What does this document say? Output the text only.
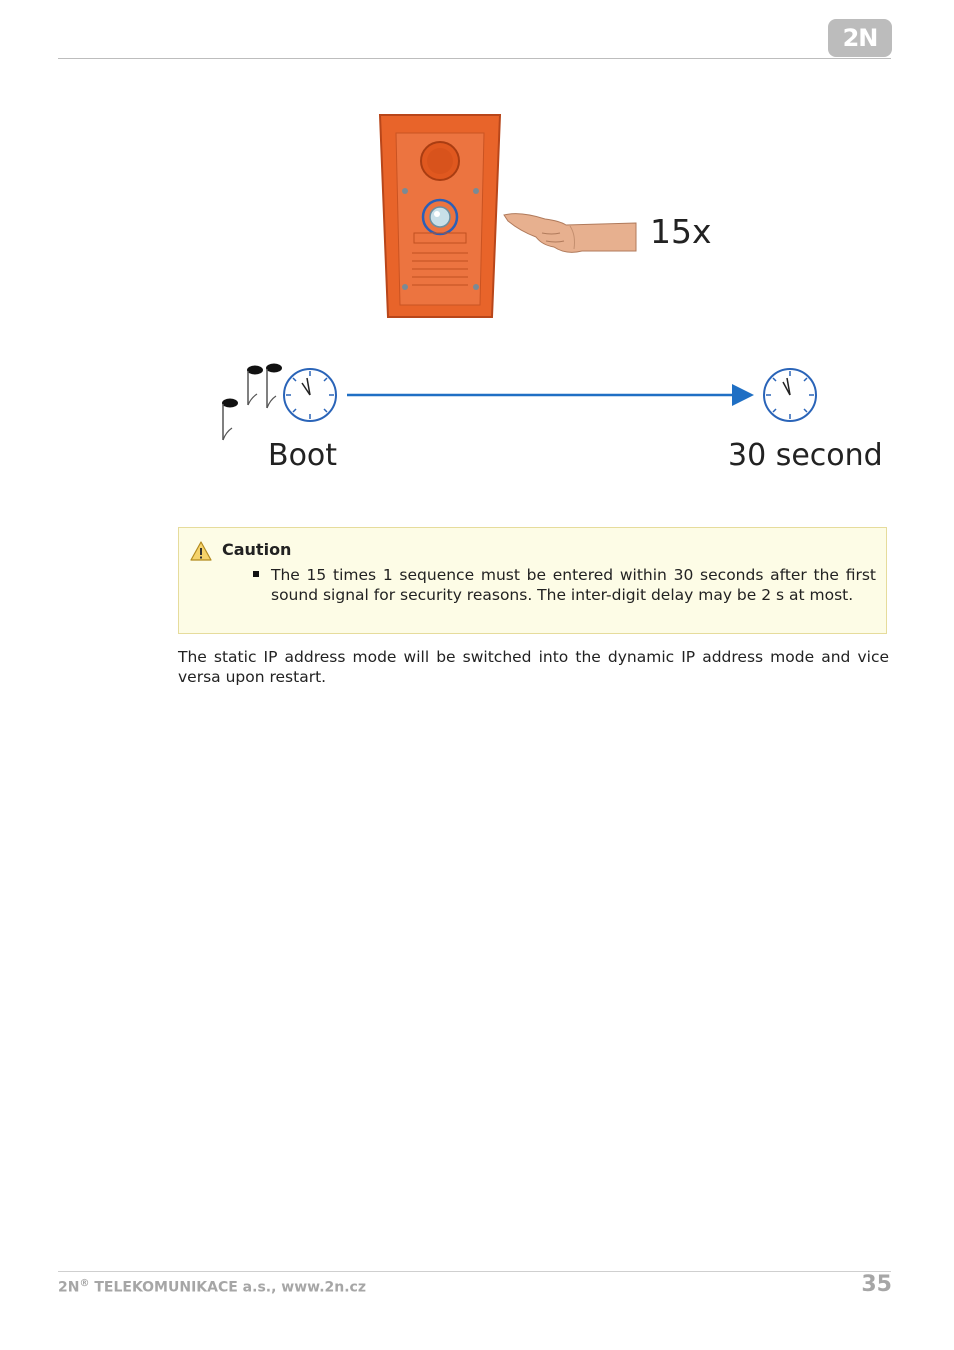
2N
15x
Boot	30 second
Caution
The 15 times 1 sequence must be entered within 30 seconds after the first sound signal for security reasons. The inter-digit delay may be 2 s at most.

The static IP address mode will be switched into the dynamic IP address mode and vice versa upon restart.

2N® TELEKOMUNIKACE a.s., www.2n.cz	35
